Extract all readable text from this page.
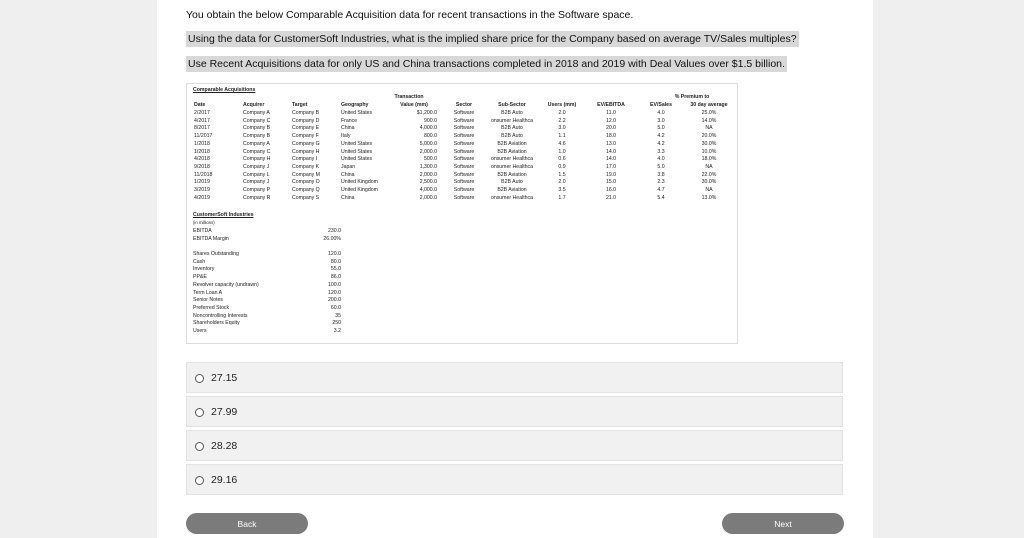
You obtain the below Comparable Acquisition data for recent transactions in the Software space.
Using the data for CustomerSoft Industries, what is the implied share price for the Company based on average TV/Sales multiples?
Use Recent Acquisitions data for only US and China transactions completed in 2018 and 2019 with Deal Values over $1.5 billion.
Comparable Acquisitions
% Premium to
Transaction
Date	Acquirer	Target	Geography	Value (mm)	Sector	Sub-Sector	Users (mm)	EV/EBITDA	EV/Sales	30 day average
2/2017	Company A	Company B	United States	$1,200.0	Software	B2B Auto	2.0	11.0	4.0	25.0%
4/2017	Company C	Company D	France	900.0	Software	onsumer Healthca	2.2	12.0	3.0	14.0%
8/2017	Company B	Company E	China	4,000.0	Software	B2B Auto	3.0	20.0	5.0	NA
11/2017	Company B	Company F	Italy	800.0	Software	B2B Auto	1.1	18.0	4.2	20.0%
1/2018	Company A	Company G	United States	5,000.0	Software	B2B Aviation	4.6	13.0	4.2	30.0%
1/2018	Company C	Company H	United States	2,000.0	Software	B2B Aviation	1.0	14.0	3.3	10.0%
4/2018	Company H	Company I	United States	500.0	Software	onsumer Healthca	0.6	14.0	4.0	18.0%
9/2018	Company J	Company K	Japan	1,300.0	Software	onsumer Healthca	0.9	17.0	5.0	NA
11/2018	Company L	Company M	China	2,000.0	Software	B2B Aviation	1.5	19.0	3.8	22.0%
1/2019	Company J	Company O	United Kingdom	2,500.0	Software	B2B Auto	2.0	15.0	2.3	30.0%
3/2019	Company P	Company Q	United Kingdom	4,000.0	Software	B2B Aviation	3.5	16.0	4.7	NA
4/2019	Company R	Company S	China	2,000.0	Software	onsumer Healthca	1.7	21.0	5.4	13.0%
CustomerSoft Industries
(in millions)
EBITDA	230.0
EBITDA Margin	26.00%
Shares Outstanding	120.0
Cash	80.0
Inventory	55.0
PP&E	86.0
Revolver capacity (undrawn)	100.0
Term Loan A	120.0
Senior Notes	200.0
Preferred Stock	60.0
Noncontrolling Interests	35
Shareholders Equity	250
Users	3.2
27.15
27.99
28.28
29.16
Back	Next
